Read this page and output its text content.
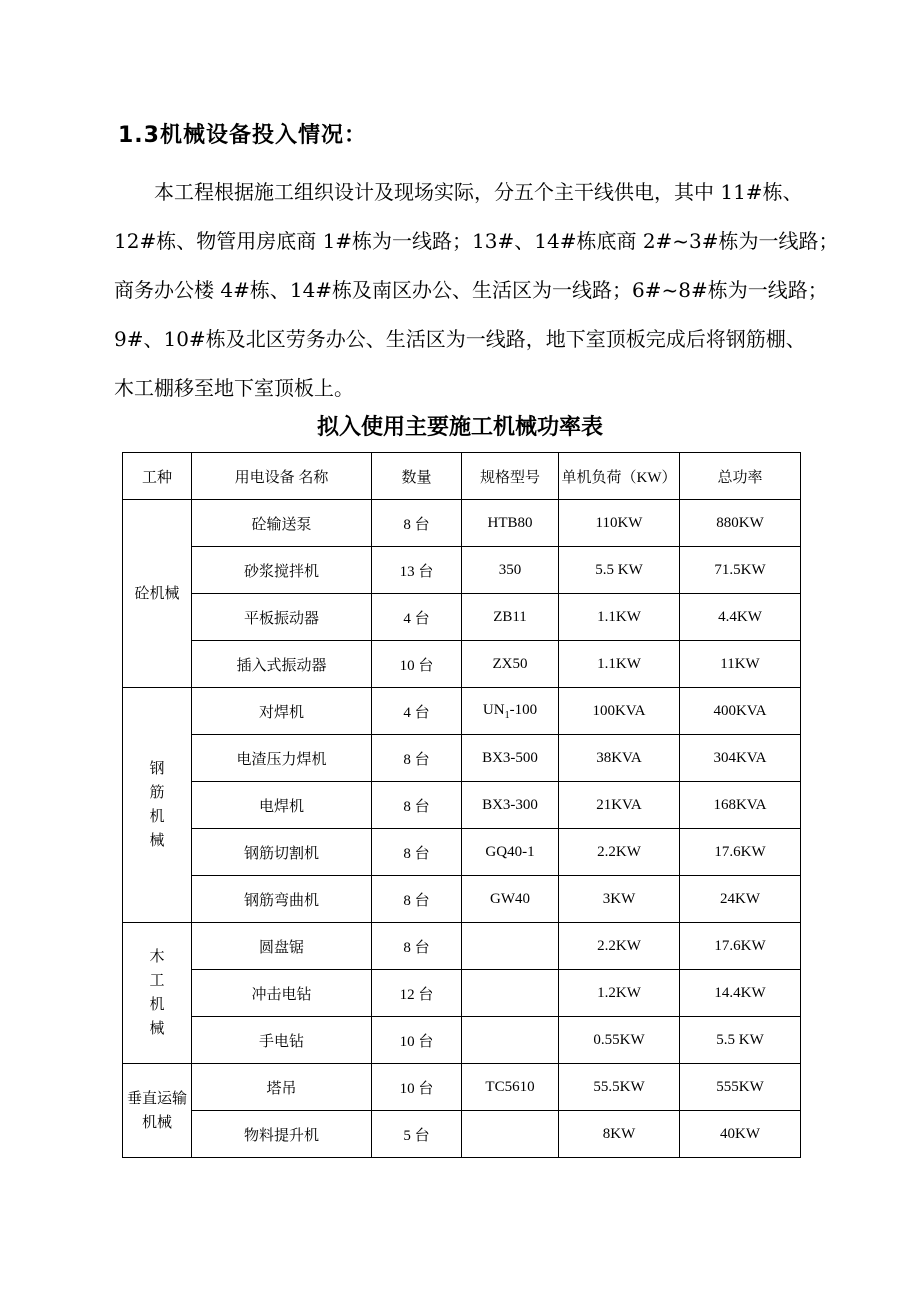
1.3机械设备投入情况：

本工程根据施工组织设计及现场实际，分五个主干线供电，其中 11#栋、
12#栋、物管用房底商 1#栋为一线路；13#、14#栋底商 2#~3#栋为一线路；
商务办公楼 4#栋、14#栋及南区办公、生活区为一线路；6#~8#栋为一线路；
9#、10#栋及北区劳务办公、生活区为一线路，地下室顶板完成后将钢筋棚、
木工棚移至地下室顶板上。

拟入使用主要施工机械功率表
工种	用电设备 名称	数量	规格型号	单机负荷（KW）	总功率
砼机械	砼输送泵	8 台	HTB80	110KW	880KW
	砂浆搅拌机	13 台	350	5.5 KW	71.5KW
	平板振动器	4 台	ZB11	1.1KW	4.4KW
	插入式振动器	10 台	ZX50	1.1KW	11KW
钢筋机械	对焊机	4 台	$UN_1-100$	100KVA	400KVA
	电渣压力焊机	8 台	BX3-500	38KVA	304KVA
	电焊机	8 台	BX3-300	21KVA	168KVA
	钢筋切割机	8 台	GQ40-1	2.2KW	17.6KW
	钢筋弯曲机	8 台	GW40	3KW	24KW
木工机械	圆盘锯	8 台		2.2KW	17.6KW
	冲击电钻	12 台		1.2KW	14.4KW
	手电钻	10 台		0.55KW	5.5 KW
垂直运输机械	塔吊	10 台	TC5610	55.5KW	555KW
	物料提升机	5 台		8KW	40KW
